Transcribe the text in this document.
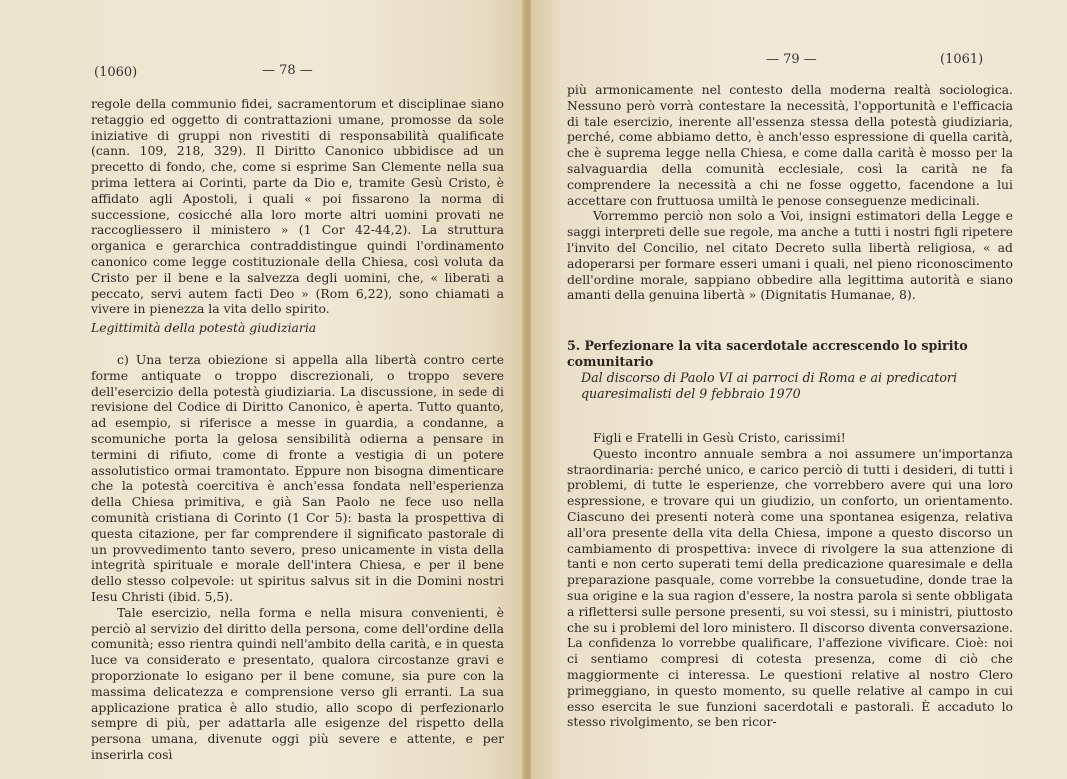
(1060)	— 78 —

regole della communio fidei, sacramentorum et disciplinae siano retaggio ed oggetto di contrattazioni umane, promosse da sole iniziative di gruppi non rivestiti di responsabilità qualificate (cann. 109, 218, 329). Il Diritto Canonico ubbidisce ad un precetto di fondo, che, come si esprime San Clemente nella sua prima lettera ai Corinti, parte da Dio e, tramite Gesù Cristo, è affidato agli Apostoli, i quali « poi fissarono la norma di successione, cosicché alla loro morte altri uomini provati ne raccogliessero il ministero » (1 Cor 42-44,2). La struttura organica e gerarchica contraddistingue quindi l'ordinamento canonico come legge costituzionale della Chiesa, così voluta da Cristo per il bene e la salvezza degli uomini, che, « liberati a peccato, servi autem facti Deo » (Rom 6,22), sono chiamati a vivere in pienezza la vita dello spirito.

Legittimità della potestà giudiziaria

c) Una terza obiezione si appella alla libertà contro certe forme antiquate o troppo discrezionali, o troppo severe dell'esercizio della potestà giudiziaria. La discussione, in sede di revisione del Codice di Diritto Canonico, è aperta. Tutto quanto, ad esempio, si riferisce a messe in guardia, a condanne, a scomuniche porta la gelosa sensibilità odierna a pensare in termini di rifiuto, come di fronte a vestigia di un potere assolutistico ormai tramontato. Eppure non bisogna dimenticare che la potestà coercitiva è anch'essa fondata nell'esperienza della Chiesa primitiva, e già San Paolo ne fece uso nella comunità cristiana di Corinto (1 Cor 5): basta la prospettiva di questa citazione, per far comprendere il significato pastorale di un provvedimento tanto severo, preso unicamente in vista della integrità spirituale e morale dell'intera Chiesa, e per il bene dello stesso colpevole: ut spiritus salvus sit in die Domini nostri Iesu Christi (ibid. 5,5).

Tale esercizio, nella forma e nella misura convenienti, è perciò al servizio del diritto della persona, come dell'ordine della comunità; esso rientra quindi nell'ambito della carità, e in questa luce va considerato e presentato, qualora circostanze gravi e proporzionate lo esigano per il bene comune, sia pure con la massima delicatezza e comprensione verso gli erranti. La sua applicazione pratica è allo studio, allo scopo di perfezionarlo sempre di più, per adattarla alle esigenze del rispetto della persona umana, divenute oggi più severe e attente, e per inserirla così

— 79 —	(1061)

più armonicamente nel contesto della moderna realtà sociologica. Nessuno però vorrà contestare la necessità, l'opportunità e l'efficacia di tale esercizio, inerente all'essenza stessa della potestà giudiziaria, perché, come abbiamo detto, è anch'esso espressione di quella carità, che è suprema legge nella Chiesa, e come dalla carità è mosso per la salvaguardia della comunità ecclesiale, così la carità ne fa comprendere la necessità a chi ne fosse oggetto, facendone a lui accettare con fruttuosa umiltà le penose conseguenze medicinali.

Vorremmo perciò non solo a Voi, insigni estimatori della Legge e saggi interpreti delle sue regole, ma anche a tutti i nostri figli ripetere l'invito del Concilio, nel citato Decreto sulla libertà religiosa, « ad adoperarsi per formare esseri umani i quali, nel pieno riconoscimento dell'ordine morale, sappiano obbedire alla legittima autorità e siano amanti della genuina libertà » (Dignitatis Humanae, 8).

5. Perfezionare la vita sacerdotale accrescendo lo spirito comunitario
Dal discorso di Paolo VI ai parroci di Roma e ai predicatori quaresimalisti del 9 febbraio 1970

Figli e Fratelli in Gesù Cristo, carissimi!

Questo incontro annuale sembra a noi assumere un'importanza straordinaria: perché unico, e carico perciò di tutti i desideri, di tutti i problemi, di tutte le esperienze, che vorrebbero avere qui una loro espressione, e trovare qui un giudizio, un conforto, un orientamento. Ciascuno dei presenti noterà come una spontanea esigenza, relativa all'ora presente della vita della Chiesa, impone a questo discorso un cambiamento di prospettiva: invece di rivolgere la sua attenzione di tanti e non certo superati temi della predicazione quaresimale e della preparazione pasquale, come vorrebbe la consuetudine, donde trae la sua origine e la sua ragion d'essere, la nostra parola si sente obbligata a riflettersi sulle persone presenti, su voi stessi, su i ministri, piuttosto che su i problemi del loro ministero. Il discorso diventa conversazione. La confidenza lo vorrebbe qualificare, l'affezione vivificare. Cioè: noi ci sentiamo compresi di cotesta presenza, come di ciò che maggiormente ci interessa. Le questioni relative al nostro Clero primeggiano, in questo momento, su quelle relative al campo in cui esso esercita le sue funzioni sacerdotali e pastorali. È accaduto lo stesso rivolgimento, se ben ricor-
